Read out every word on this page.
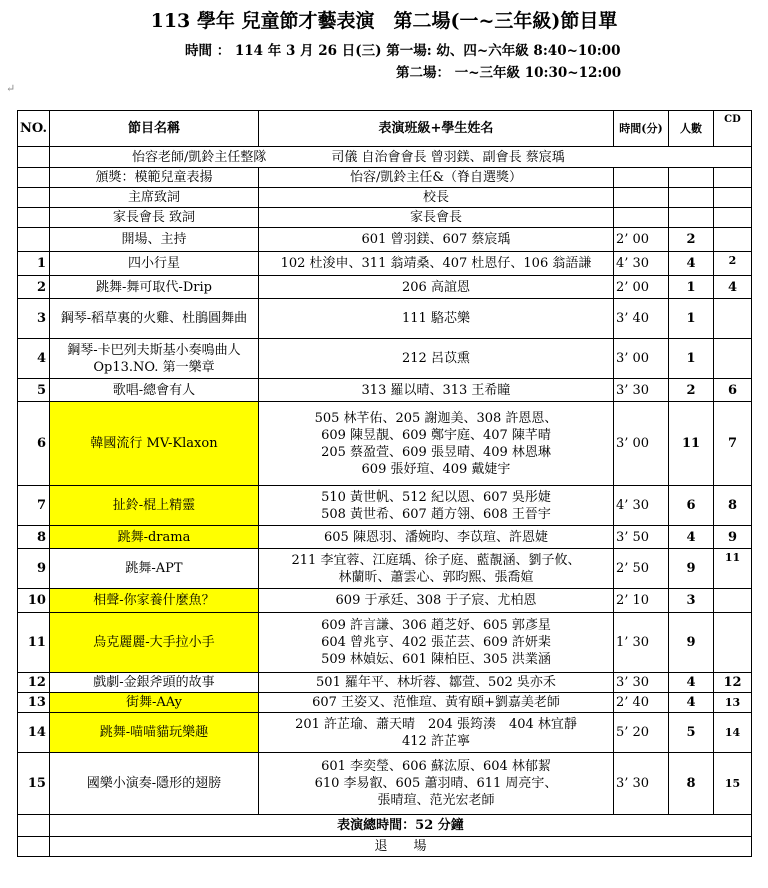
113 學年 兒童節才藝表演　第二場(一~三年級)節目單
時間 ： 114 年 3 月 26 日(三) 第一場: 幼、四~六年級 8:40~10:00
第二場： 一~三年級 10:30~12:00
↵
NO.	節目名稱	表演班級+學生姓名	時間(分)	人數	CD
	怡容老師/凱鈴主任整隊　　　　　司儀 自治會會長 曾羽鎂、副會長 蔡宸瑀				
	頒獎：模範兒童表揚	怡容/凱鈴主任&（脊自選獎）			
	主席致詞	校長			
	家長會長 致詞	家長會長			
	開場、主持	601 曾羽鎂、607 蔡宸瑀	2’ 00	2	
1	四小行星	102 杜浚申、311 翁靖桑、407 杜恩仔、106 翁語謙	4’ 30	4	2
2	跳舞-舞可取代-Drip	206 高誼恩	2’ 00	1	4
3	鋼琴-稻草裏的火雞、杜鵑圓舞曲	111 駱芯樂	3’ 40	1	
4	鋼琴-卡巴列夫斯基小奏鳴曲人 Op13.NO. 第一樂章	212 呂苡熏	3’ 00	1	
5	歌唱-總會有人	313 羅以晴、313 王希瞳	3’ 30	2	6
6	韓國流行 MV-Klaxon	505 林芊佑、205 謝迦美、308 許恩恩、
609 陳昱靚、609 鄭宇庭、407 陳芊晴
205 蔡盈萱、609 張昱晴、409 林恩琳
609 張妤瑄、409 戴婕宇	3’ 00	11	7
7	扯鈴-棍上精靈	510 黃世帆、512 紀以恩、607 吳彤婕
508 黃世希、607 趙方翎、608 王晉宇	4’ 30	6	8
8	跳舞-drama	605 陳恩羽、潘婉昀、李苡瑄、許恩婕	3’ 50	4	9
9	跳舞-APT	211 李宜蓉、江庭瑀、徐子庭、藍靚涵、劉子攸、
林蘭昕、蕭雲心、郭昀熙、張喬媗	2’ 50	9	11
10	相聲-你家養什麼魚？	609 于承廷、308 于子宸、尤柏恩	2’ 10	3	
11	烏克麗麗-大手拉小手	609 許言謙、306 趙芝妤、605 郭彥星
604 曾兆亨、402 張芷芸、609 許妍棐
509 林媜妘、601 陳柏臣、305 洪業涵	1’ 30	9	
12	戲劇-金銀斧頭的故事	501 羅年平、林圻蓉、鄒萱、502 吳亦禾	3’ 30	4	12
13	街舞-AAy	607 王姿又、范惟瑄、黃宥頤+劉嘉美老師	2’ 40	4	13
14	跳舞-喵喵貓玩樂趣	201 許芷瑜、蕭天晴　204 張筠湊　404 林宜靜
412 許芷寧	5’ 20	5	14
15	國樂小演奏-隱形的翅膀	601 李奕瑩、606 蘇汯原、604 林郁絜
610 李易叡、605 蕭羽晴、611 周亮宇、
張晴瑄、范光宏老師	3’ 30	8	15
	表演總時間：52 分鐘				
	退　　場				
